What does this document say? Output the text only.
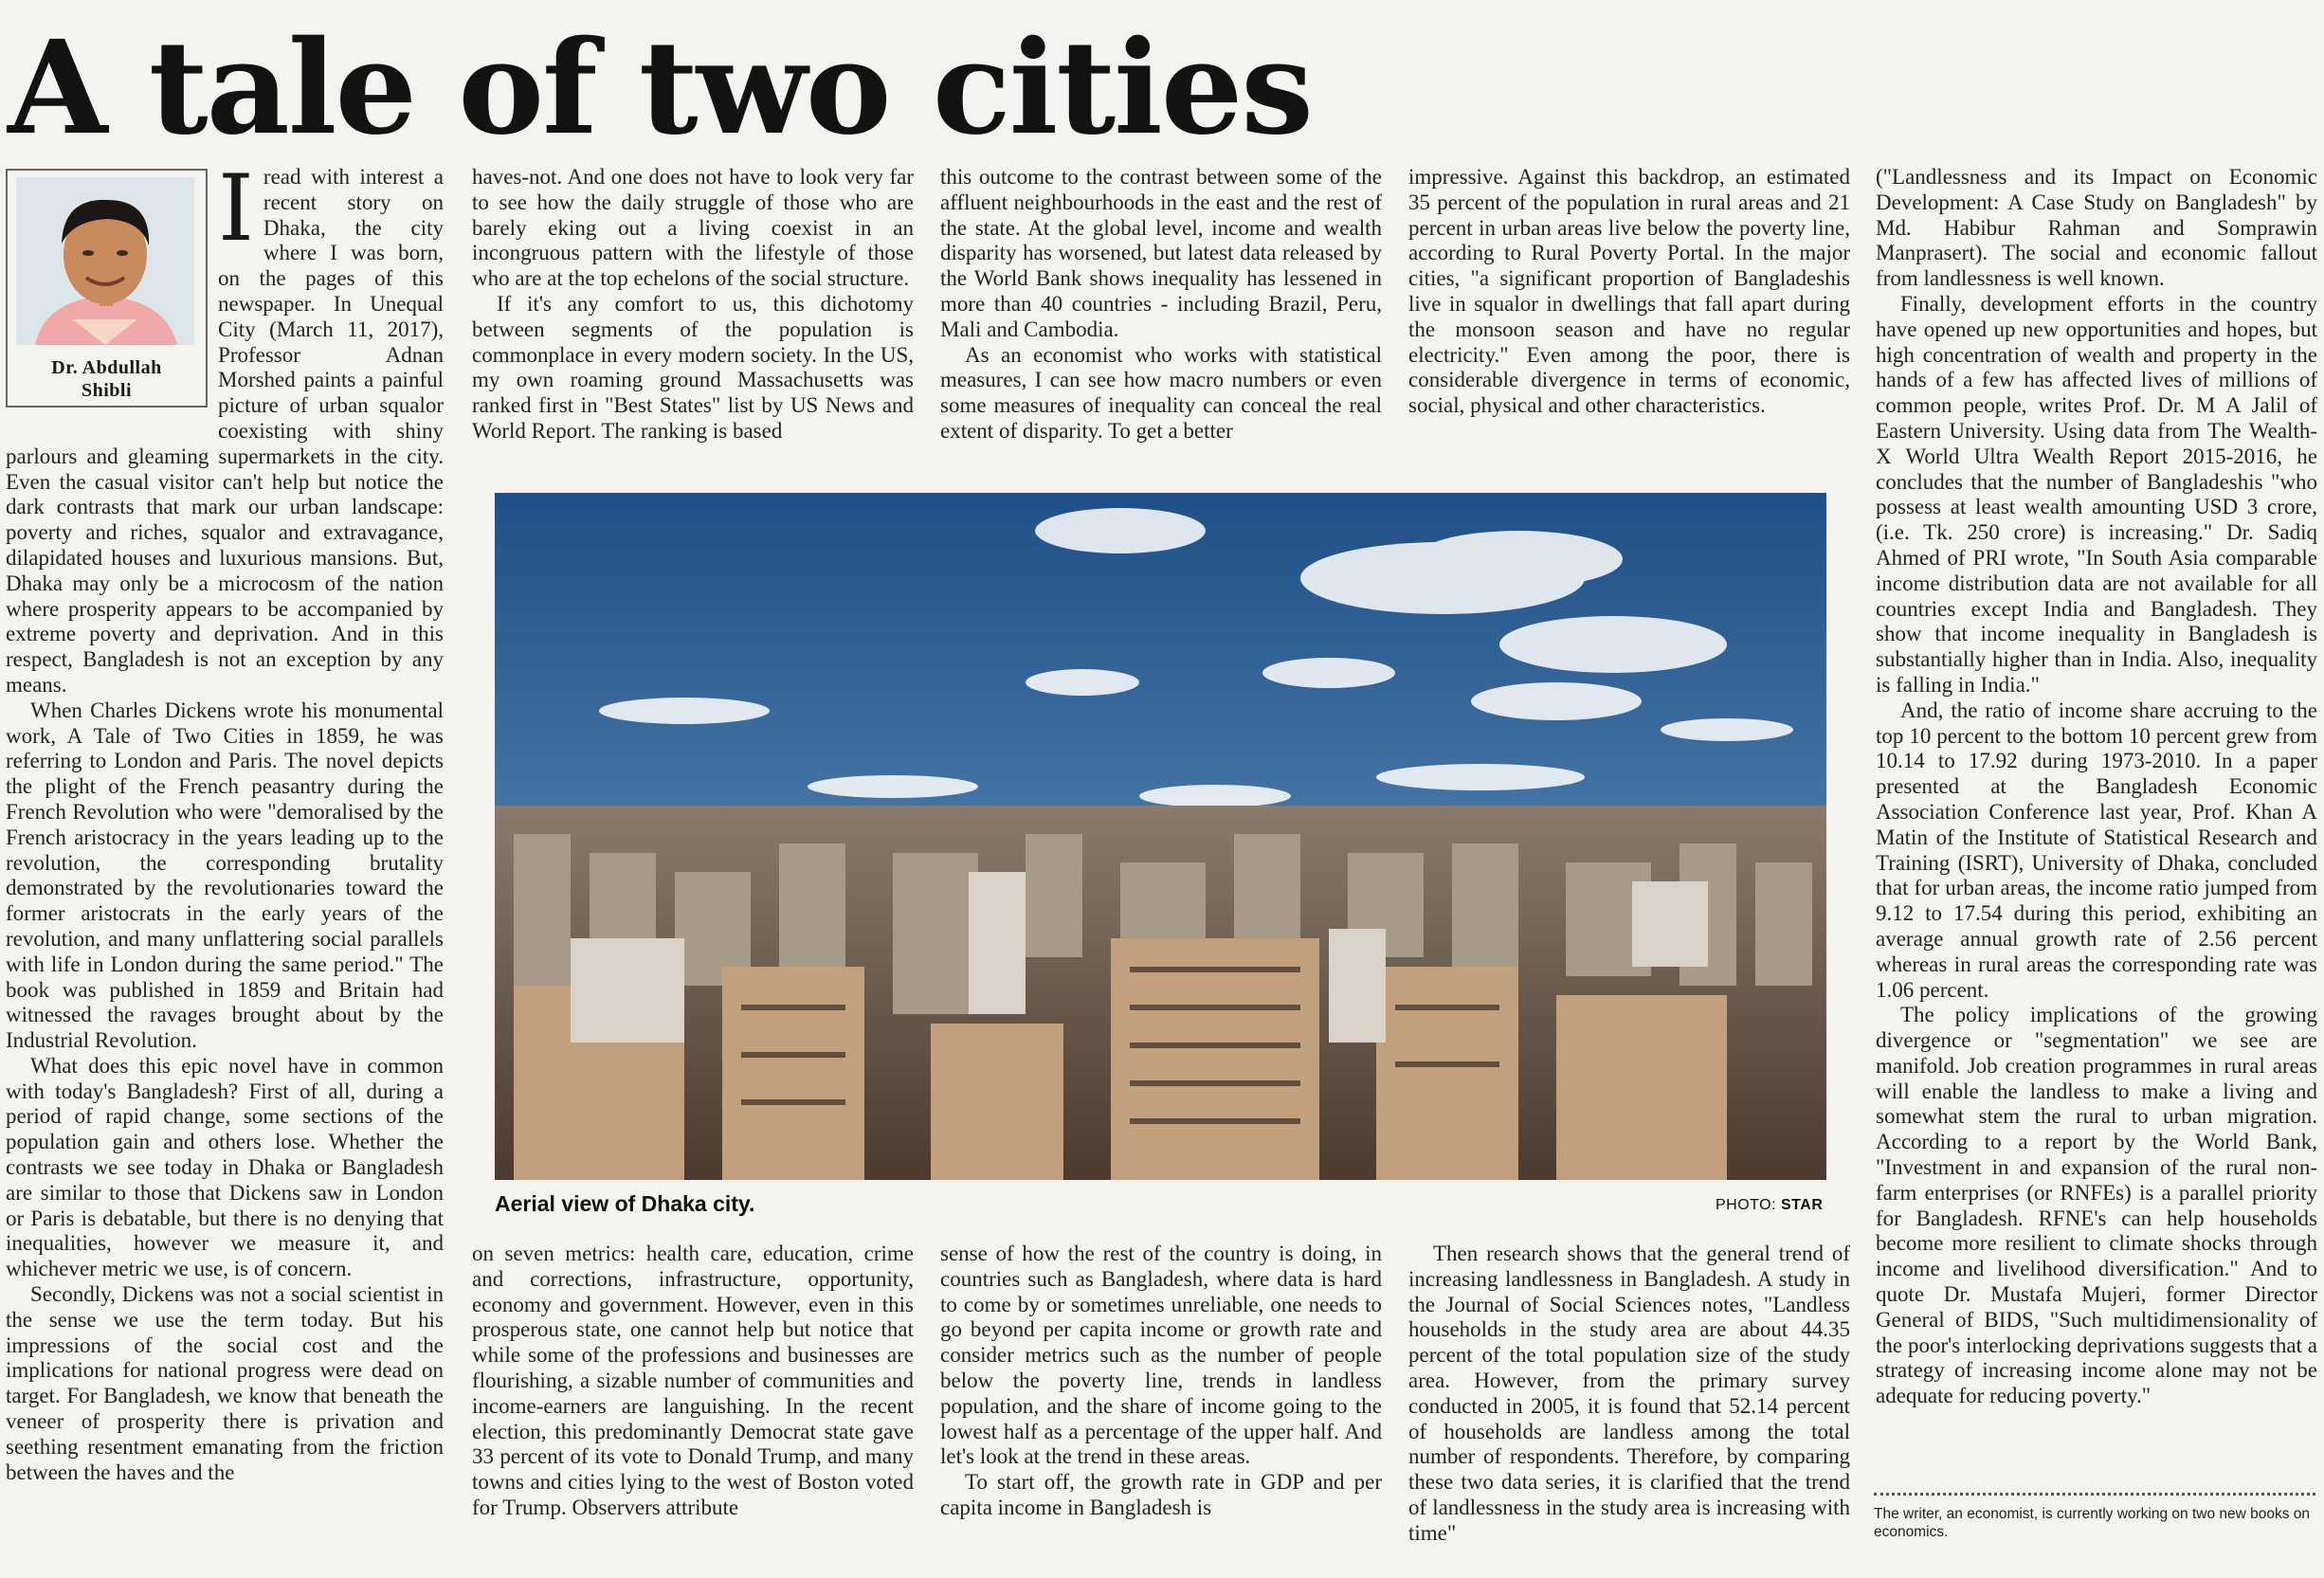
A tale of two cities
Dr. Abdullah
Shibli

I read with interest a recent story on Dhaka, the city where I was born, on the pages of this newspaper. In Unequal City (March 11, 2017), Professor Adnan Morshed paints a painful picture of urban squalor coexisting with shiny parlours and gleaming supermarkets in the city. Even the casual visitor can't help but notice the dark contrasts that mark our urban landscape: poverty and riches, squalor and extravagance, dilapidated houses and luxurious mansions. But, Dhaka may only be a microcosm of the nation where prosperity appears to be accompanied by extreme poverty and deprivation. And in this respect, Bangladesh is not an exception by any means.

When Charles Dickens wrote his monumental work, A Tale of Two Cities in 1859, he was referring to London and Paris. The novel depicts the plight of the French peasantry during the French Revolution who were "demoralised by the French aristocracy in the years leading up to the revolution, the corresponding brutality demonstrated by the revolutionaries toward the former aristocrats in the early years of the revolution, and many unflattering social parallels with life in London during the same period." The book was published in 1859 and Britain had witnessed the ravages brought about by the Industrial Revolution.

What does this epic novel have in common with today's Bangladesh? First of all, during a period of rapid change, some sections of the population gain and others lose. Whether the contrasts we see today in Dhaka or Bangladesh are similar to those that Dickens saw in London or Paris is debatable, but there is no denying that inequalities, however we measure it, and whichever metric we use, is of concern.

Secondly, Dickens was not a social scientist in the sense we use the term today. But his impressions of the social cost and the implications for national progress were dead on target. For Bangladesh, we know that beneath the veneer of prosperity there is privation and seething resentment emanating from the friction between the haves and the

haves-not. And one does not have to look very far to see how the daily struggle of those who are barely eking out a living coexist in an incongruous pattern with the lifestyle of those who are at the top echelons of the social structure.

If it's any comfort to us, this dichotomy between segments of the population is commonplace in every modern society. In the US, my own roaming ground Massachusetts was ranked first in "Best States" list by US News and World Report. The ranking is based

this outcome to the contrast between some of the affluent neighbourhoods in the east and the rest of the state. At the global level, income and wealth disparity has worsened, but latest data released by the World Bank shows inequality has lessened in more than 40 countries - including Brazil, Peru, Mali and Cambodia.

As an economist who works with statistical measures, I can see how macro numbers or even some measures of inequality can conceal the real extent of disparity. To get a better

impressive. Against this backdrop, an estimated 35 percent of the population in rural areas and 21 percent in urban areas live below the poverty line, according to Rural Poverty Portal. In the major cities, "a significant proportion of Bangladeshis live in squalor in dwellings that fall apart during the monsoon season and have no regular electricity." Even among the poor, there is considerable divergence in terms of economic, social, physical and other characteristics.

Aerial view of Dhaka city.	PHOTO: STAR

on seven metrics: health care, education, crime and corrections, infrastructure, opportunity, economy and government. However, even in this prosperous state, one cannot help but notice that while some of the professions and businesses are flourishing, a sizable number of communities and income-earners are languishing. In the recent election, this predominantly Democrat state gave 33 percent of its vote to Donald Trump, and many towns and cities lying to the west of Boston voted for Trump. Observers attribute

sense of how the rest of the country is doing, in countries such as Bangladesh, where data is hard to come by or sometimes unreliable, one needs to go beyond per capita income or growth rate and consider metrics such as the number of people below the poverty line, trends in landless population, and the share of income going to the lowest half as a percentage of the upper half. And let's look at the trend in these areas.

To start off, the growth rate in GDP and per capita income in Bangladesh is

Then research shows that the general trend of increasing landlessness in Bangladesh. A study in the Journal of Social Sciences notes, "Landless households in the study area are about 44.35 percent of the total population size of the study area. However, from the primary survey conducted in 2005, it is found that 52.14 percent of households are landless among the total number of respondents. Therefore, by comparing these two data series, it is clarified that the trend of landlessness in the study area is increasing with time"

("Landlessness and its Impact on Economic Development: A Case Study on Bangladesh" by Md. Habibur Rahman and Somprawin Manprasert). The social and economic fallout from landlessness is well known.

Finally, development efforts in the country have opened up new opportunities and hopes, but high concentration of wealth and property in the hands of a few has affected lives of millions of common people, writes Prof. Dr. M A Jalil of Eastern University. Using data from The Wealth-X World Ultra Wealth Report 2015-2016, he concludes that the number of Bangladeshis "who possess at least wealth amounting USD 3 crore, (i.e. Tk. 250 crore) is increasing." Dr. Sadiq Ahmed of PRI wrote, "In South Asia comparable income distribution data are not available for all countries except India and Bangladesh. They show that income inequality in Bangladesh is substantially higher than in India. Also, inequality is falling in India."

And, the ratio of income share accruing to the top 10 percent to the bottom 10 percent grew from 10.14 to 17.92 during 1973-2010. In a paper presented at the Bangladesh Economic Association Conference last year, Prof. Khan A Matin of the Institute of Statistical Research and Training (ISRT), University of Dhaka, concluded that for urban areas, the income ratio jumped from 9.12 to 17.54 during this period, exhibiting an average annual growth rate of 2.56 percent whereas in rural areas the corresponding rate was 1.06 percent.

The policy implications of the growing divergence or "segmentation" we see are manifold. Job creation programmes in rural areas will enable the landless to make a living and somewhat stem the rural to urban migration. According to a report by the World Bank, "Investment in and expansion of the rural non-farm enterprises (or RNFEs) is a parallel priority for Bangladesh. RFNE's can help households become more resilient to climate shocks through income and livelihood diversification." And to quote Dr. Mustafa Mujeri, former Director General of BIDS, "Such multidimensionality of the poor's interlocking deprivations suggests that a strategy of increasing income alone may not be adequate for reducing poverty."

The writer, an economist, is currently working on two new books on economics.
